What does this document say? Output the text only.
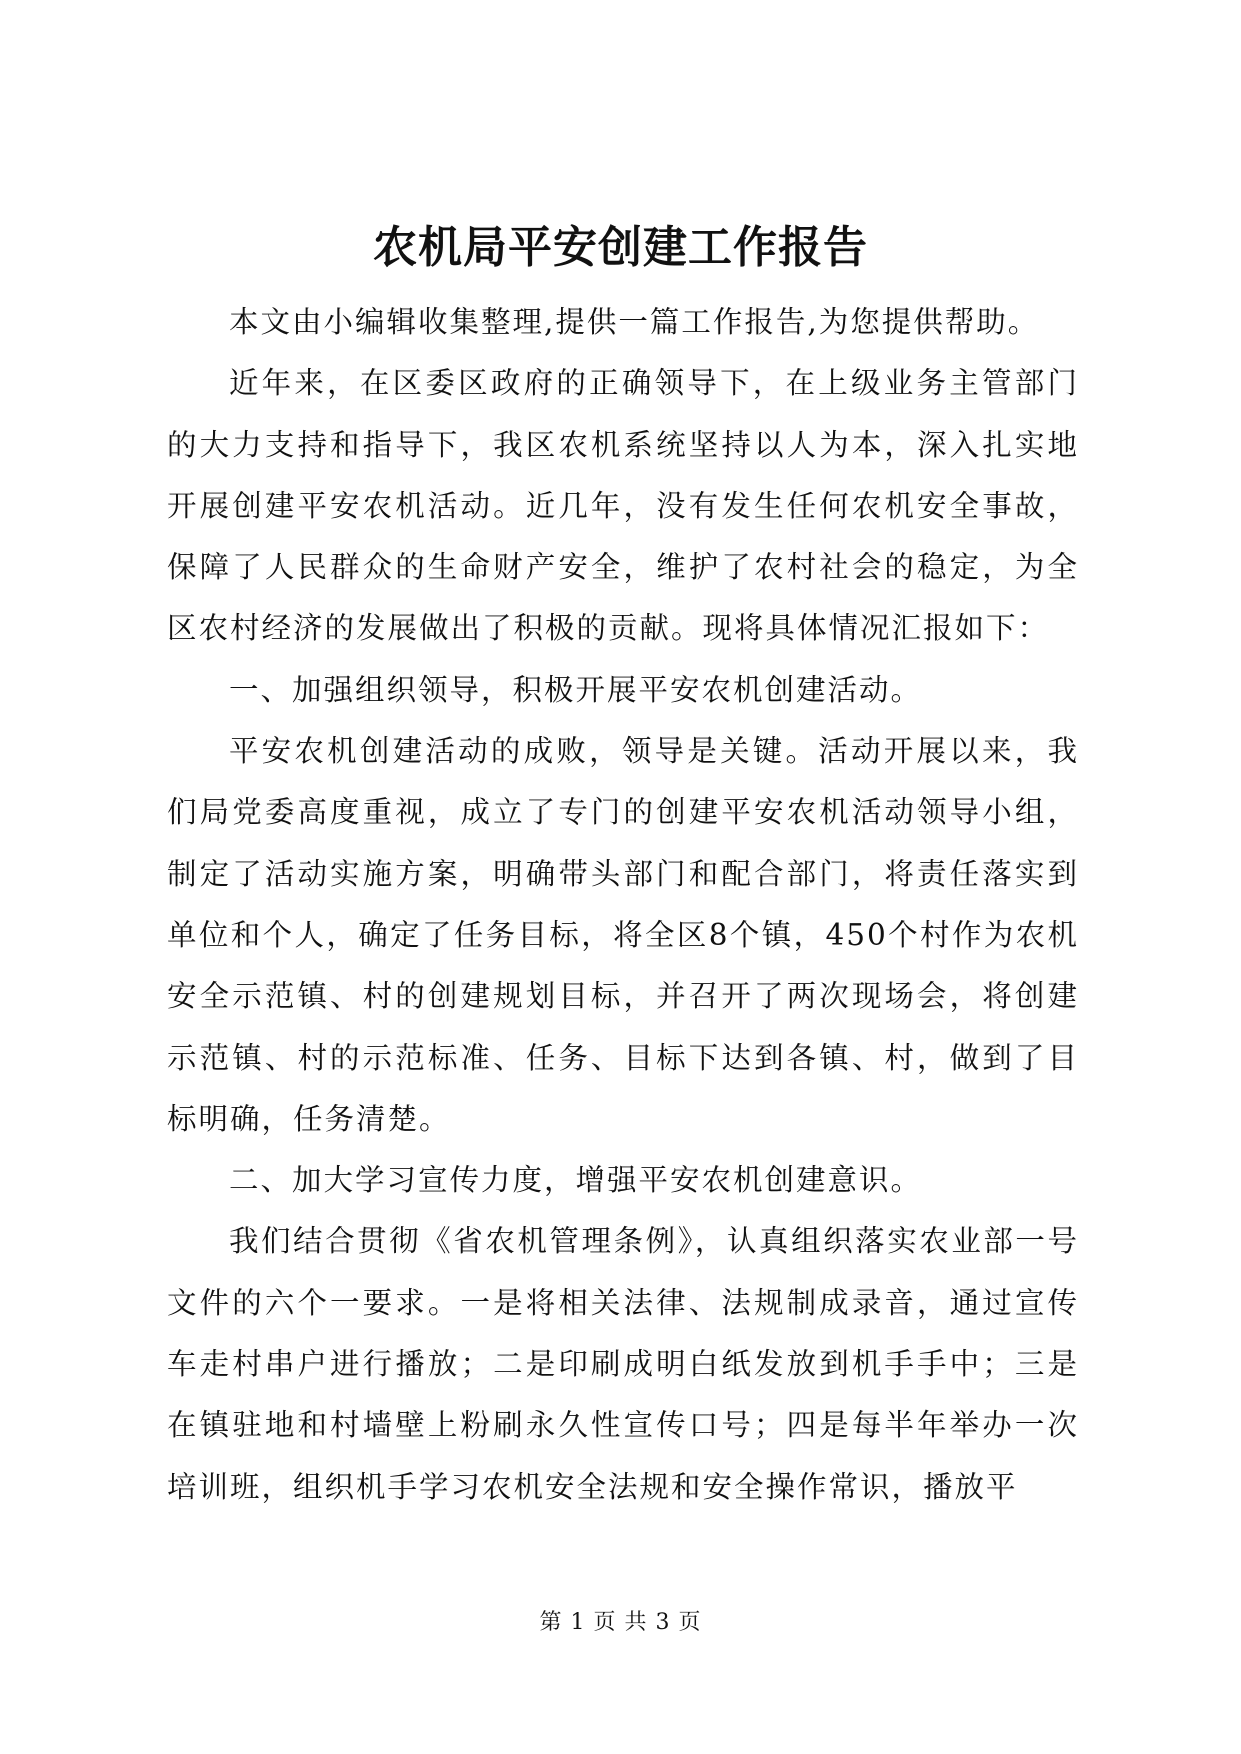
农机局平安创建工作报告

本文由小编辑收集整理,提供一篇工作报告,为您提供帮助。

近年来，在区委区政府的正确领导下，在上级业务主管部门的大力支持和指导下，我区农机系统坚持以人为本，深入扎实地开展创建平安农机活动。近几年，没有发生任何农机安全事故，保障了人民群众的生命财产安全，维护了农村社会的稳定，为全区农村经济的发展做出了积极的贡献。现将具体情况汇报如下：

一、加强组织领导，积极开展平安农机创建活动。

平安农机创建活动的成败，领导是关键。活动开展以来，我们局党委高度重视，成立了专门的创建平安农机活动领导小组，制定了活动实施方案，明确带头部门和配合部门，将责任落实到单位和个人，确定了任务目标，将全区8个镇，450个村作为农机安全示范镇、村的创建规划目标，并召开了两次现场会，将创建示范镇、村的示范标准、任务、目标下达到各镇、村，做到了目标明确，任务清楚。

二、加大学习宣传力度，增强平安农机创建意识。

我们结合贯彻《省农机管理条例》，认真组织落实农业部一号文件的六个一要求。一是将相关法律、法规制成录音，通过宣传车走村串户进行播放；二是印刷成明白纸发放到机手手中；三是在镇驻地和村墙壁上粉刷永久性宣传口号；四是每半年举办一次培训班，组织机手学习农机安全法规和安全操作常识，播放平

第 1 页 共 3 页
